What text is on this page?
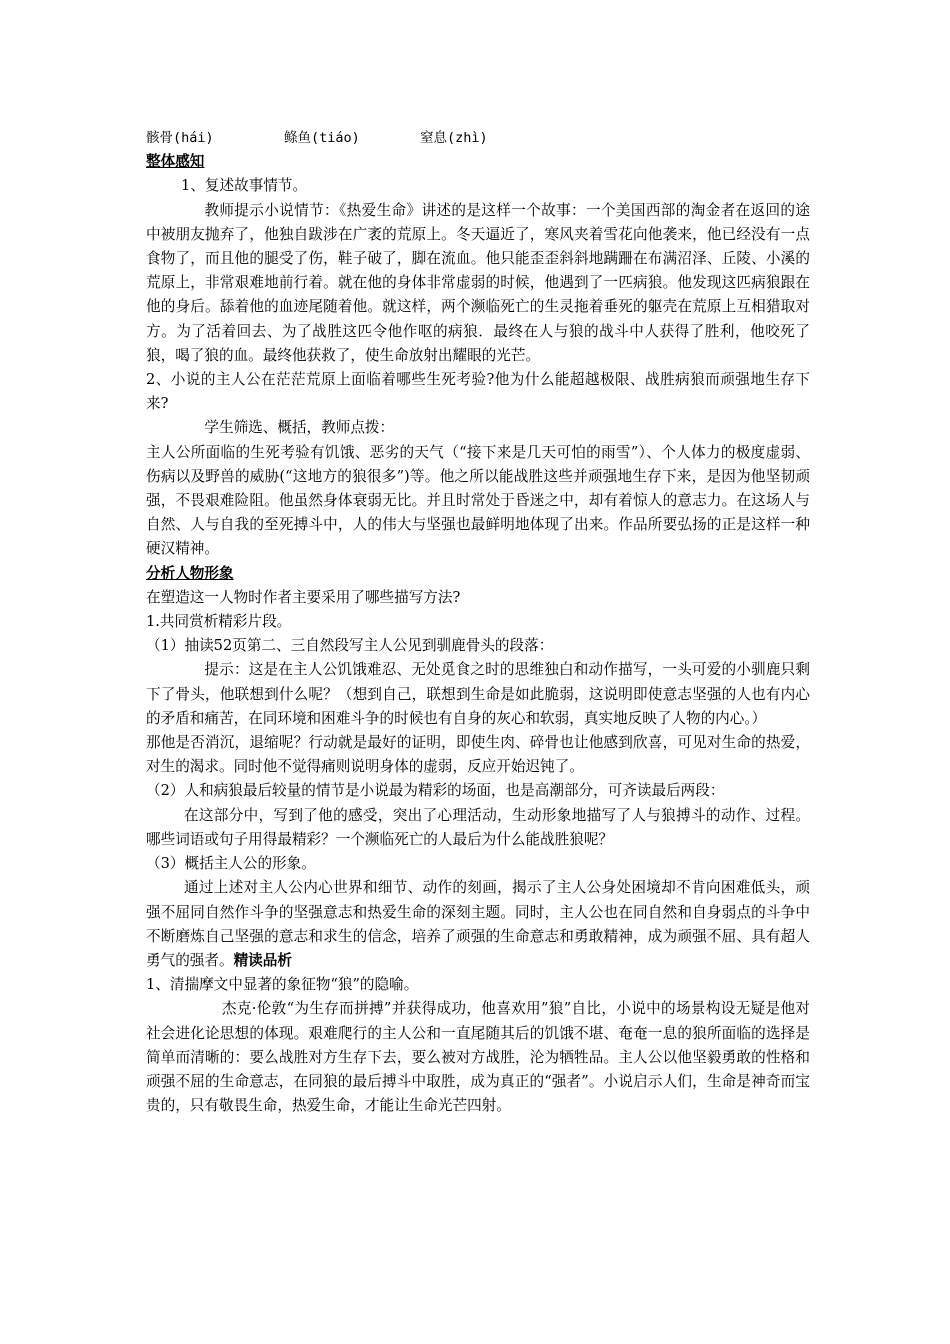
骸骨(hái)	鲦鱼(tiáo)	窒息(zhì)

整体感知

1、复述故事情节。

教师提示小说情节：《热爱生命》讲述的是这样一个故事：一个美国西部的淘金者在返回的途中被朋友抛弃了，他独自跋涉在广袤的荒原上。冬天逼近了，寒风夹着雪花向他袭来，他已经没有一点食物了，而且他的腿受了伤，鞋子破了，脚在流血。他只能歪歪斜斜地蹒跚在布满沼泽、丘陵、小溪的荒原上，非常艰难地前行着。就在他的身体非常虚弱的时候，他遇到了一匹病狼。他发现这匹病狼跟在他的身后。舔着他的血迹尾随着他。就这样，两个濒临死亡的生灵拖着垂死的躯壳在荒原上互相猎取对方。为了活着回去、为了战胜这匹令他作呕的病狼．最终在人与狼的战斗中人获得了胜利，他咬死了狼，喝了狼的血。最终他获救了，使生命放射出耀眼的光芒。

2、小说的主人公在茫茫荒原上面临着哪些生死考验?他为什么能超越极限、战胜病狼而顽强地生存下来?

学生筛选、概括，教师点拨：

主人公所面临的生死考验有饥饿、恶劣的天气（“接下来是几天可怕的雨雪”）、个人体力的极度虚弱、伤病以及野兽的威胁(“这地方的狼很多”)等。他之所以能战胜这些并顽强地生存下来，是因为他坚韧顽强，不畏艰难险阻。他虽然身体衰弱无比。并且时常处于昏迷之中，却有着惊人的意志力。在这场人与自然、人与自我的至死搏斗中，人的伟大与坚强也最鲜明地体现了出来。作品所要弘扬的正是这样一种硬汉精神。

分析人物形象

在塑造这一人物时作者主要采用了哪些描写方法?

1.共同赏析精彩片段。

（1）抽读52页第二、三自然段写主人公见到驯鹿骨头的段落：

提示：这是在主人公饥饿难忍、无处觅食之时的思维独白和动作描写，一头可爱的小驯鹿只剩下了骨头，他联想到什么呢？（想到自己，联想到生命是如此脆弱，这说明即使意志坚强的人也有内心的矛盾和痛苦，在同环境和困难斗争的时候也有自身的灰心和软弱，真实地反映了人物的内心。）

那他是否消沉，退缩呢？行动就是最好的证明，即使生肉、碎骨也让他感到欣喜，可见对生命的热爱，对生的渴求。同时他不觉得痛则说明身体的虚弱，反应开始迟钝了。

（2）人和病狼最后较量的情节是小说最为精彩的场面，也是高潮部分，可齐读最后两段：

在这部分中，写到了他的感受，突出了心理活动，生动形象地描写了人与狼搏斗的动作、过程。哪些词语或句子用得最精彩？一个濒临死亡的人最后为什么能战胜狼呢？

（3）概括主人公的形象。

通过上述对主人公内心世界和细节、动作的刻画，揭示了主人公身处困境却不肯向困难低头，顽强不屈同自然作斗争的坚强意志和热爱生命的深刻主题。同时，主人公也在同自然和自身弱点的斗争中不断磨炼自己坚强的意志和求生的信念，培养了顽强的生命意志和勇敢精神，成为顽强不屈、具有超人勇气的强者。精读品析

1、清揣摩文中显著的象征物“狼”的隐喻。

杰克·伦敦“为生存而拼搏”并获得成功，他喜欢用”狼”自比，小说中的场景构设无疑是他对社会进化论思想的体现。艰难爬行的主人公和一直尾随其后的饥饿不堪、奄奄一息的狼所面临的选择是简单而清晰的：要么战胜对方生存下去，要么被对方战胜，沦为牺牲品。主人公以他坚毅勇敢的性格和顽强不屈的生命意志，在同狼的最后搏斗中取胜，成为真正的“强者”。小说启示人们，生命是神奇而宝贵的，只有敬畏生命，热爱生命，才能让生命光芒四射。
